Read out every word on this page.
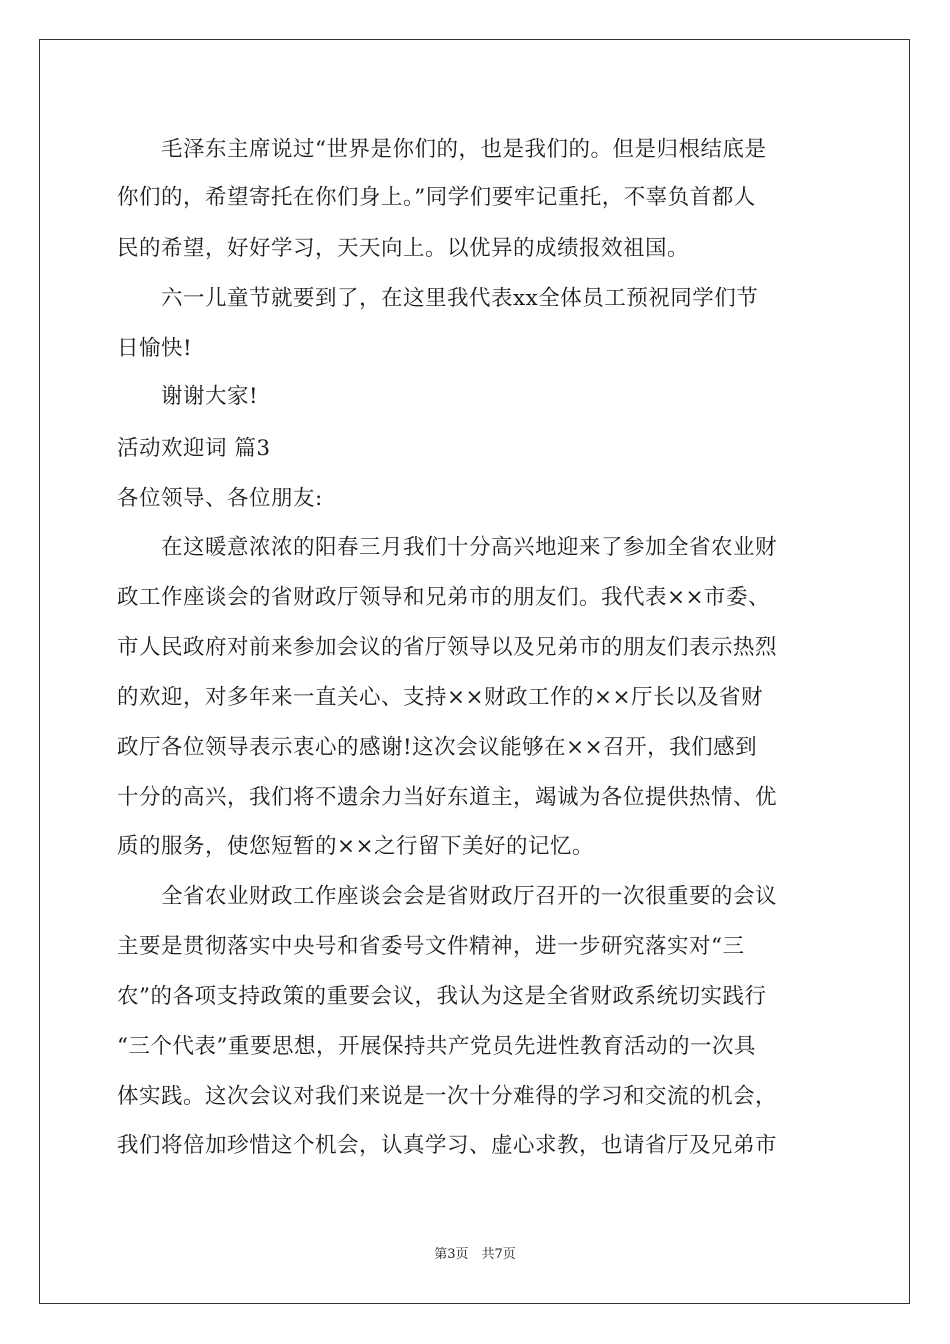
　　毛泽东主席说过“世界是你们的，也是我们的。但是归根结底是
你们的，希望寄托在你们身上。”同学们要牢记重托，不辜负首都人
民的希望，好好学习，天天向上。以优异的成绩报效祖国。
　　六一儿童节就要到了，在这里我代表xx全体员工预祝同学们节
日愉快!
　　谢谢大家!
活动欢迎词 篇3
各位领导、各位朋友:
　　在这暖意浓浓的阳春三月我们十分高兴地迎来了参加全省农业财
政工作座谈会的省财政厅领导和兄弟市的朋友们。我代表××市委、
市人民政府对前来参加会议的省厅领导以及兄弟市的朋友们表示热烈
的欢迎，对多年来一直关心、支持××财政工作的××厅长以及省财
政厅各位领导表示衷心的感谢!这次会议能够在××召开，我们感到
十分的高兴，我们将不遗余力当好东道主，竭诚为各位提供热情、优
质的服务，使您短暂的××之行留下美好的记忆。
　　全省农业财政工作座谈会会是省财政厅召开的一次很重要的会议
主要是贯彻落实中央号和省委号文件精神，进一步研究落实对“三
农”的各项支持政策的重要会议，我认为这是全省财政系统切实践行
“三个代表”重要思想，开展保持共产党员先进性教育活动的一次具
体实践。这次会议对我们来说是一次十分难得的学习和交流的机会，
我们将倍加珍惜这个机会，认真学习、虚心求教，也请省厅及兄弟市
第3页　共7页
